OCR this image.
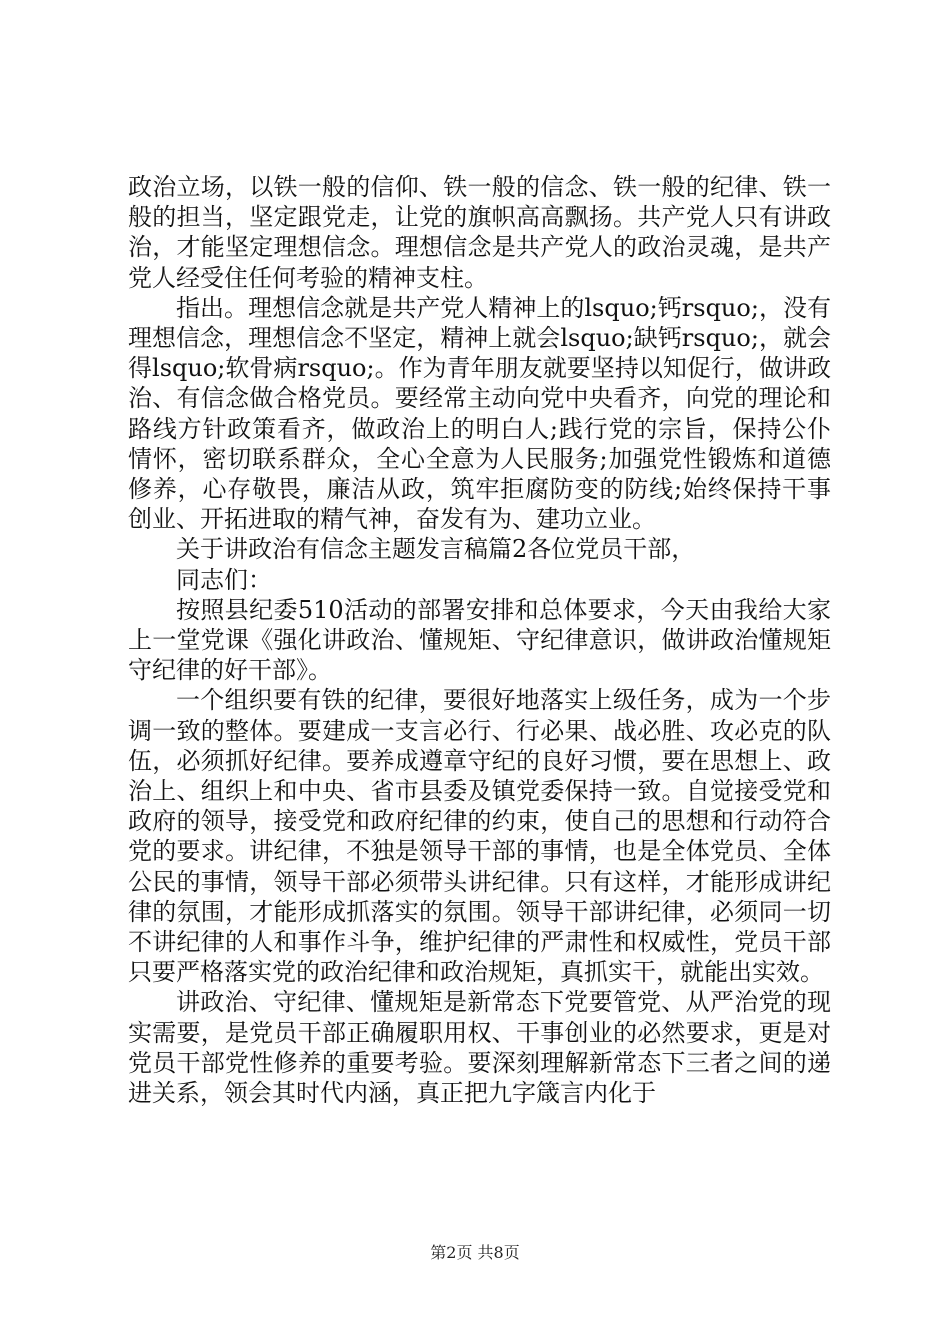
政治立场，以铁一般的信仰、铁一般的信念、铁一般的纪律、铁一般的担当，坚定跟党走，让党的旗帜高高飘扬。共产党人只有讲政治，才能坚定理想信念。理想信念是共产党人的政治灵魂，是共产党人经受住任何考验的精神支柱。

指出。理想信念就是共产党人精神上的lsquo;钙rsquo;，没有理想信念，理想信念不坚定，精神上就会lsquo;缺钙rsquo;，就会得lsquo;软骨病rsquo;。作为青年朋友就要坚持以知促行，做讲政治、有信念做合格党员。要经常主动向党中央看齐，向党的理论和路线方针政策看齐，做政治上的明白人;践行党的宗旨，保持公仆情怀，密切联系群众，全心全意为人民服务;加强党性锻炼和道德修养，心存敬畏，廉洁从政，筑牢拒腐防变的防线;始终保持干事创业、开拓进取的精气神，奋发有为、建功立业。

关于讲政治有信念主题发言稿篇2各位党员干部，

同志们：

按照县纪委510活动的部署安排和总体要求，今天由我给大家上一堂党课《强化讲政治、懂规矩、守纪律意识，做讲政治懂规矩守纪律的好干部》。

一个组织要有铁的纪律，要很好地落实上级任务，成为一个步调一致的整体。要建成一支言必行、行必果、战必胜、攻必克的队伍，必须抓好纪律。要养成遵章守纪的良好习惯，要在思想上、政治上、组织上和中央、省市县委及镇党委保持一致。自觉接受党和政府的领导，接受党和政府纪律的约束，使自己的思想和行动符合党的要求。讲纪律，不独是领导干部的事情，也是全体党员、全体公民的事情，领导干部必须带头讲纪律。只有这样，才能形成讲纪律的氛围，才能形成抓落实的氛围。领导干部讲纪律，必须同一切不讲纪律的人和事作斗争，维护纪律的严肃性和权威性，党员干部只要严格落实党的政治纪律和政治规矩，真抓实干，就能出实效。

讲政治、守纪律、懂规矩是新常态下党要管党、从严治党的现实需要，是党员干部正确履职用权、干事创业的必然要求，更是对党员干部党性修养的重要考验。要深刻理解新常态下三者之间的递进关系，领会其时代内涵，真正把九字箴言内化于

第2页 共8页
